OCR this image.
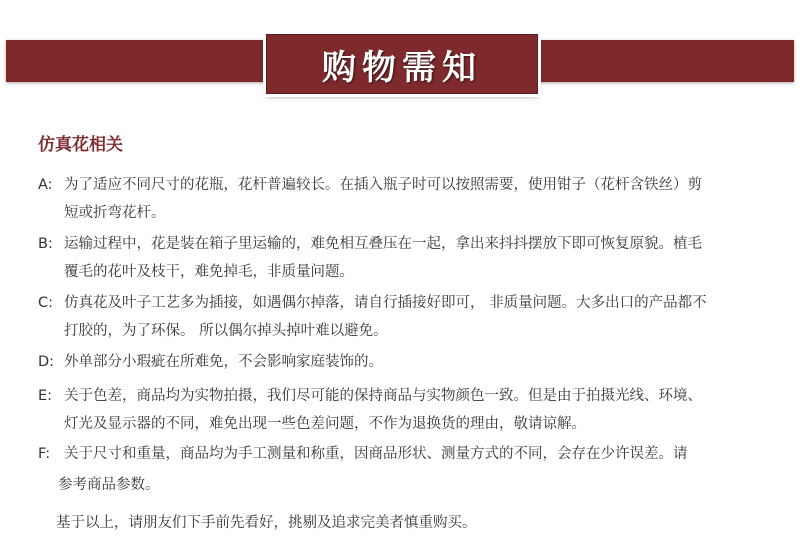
购物需知
仿真花相关
A: 为了适应不同尺寸的花瓶，花杆普遍较长。在插入瓶子时可以按照需要，使用钳子（花杆含铁丝）剪
短或折弯花杆。
B: 运输过程中，花是装在箱子里运输的，难免相互叠压在一起，拿出来抖抖摆放下即可恢复原貌。植毛
覆毛的花叶及枝干，难免掉毛，非质量问题。
C: 仿真花及叶子工艺多为插接，如遇偶尔掉落，请自行插接好即可， 非质量问题。大多出口的产品都不
打胶的，为了环保。 所以偶尔掉头掉叶难以避免。
D: 外单部分小瑕疵在所难免，不会影响家庭装饰的。
E: 关于色差，商品均为实物拍摄，我们尽可能的保持商品与实物颜色一致。但是由于拍摄光线、环境、
灯光及显示器的不同，难免出现一些色差问题，不作为退换货的理由，敬请谅解。
F: 关于尺寸和重量，商品均为手工测量和称重，因商品形状、测量方式的不同，会存在少许误差。请
参考商品参数。
基于以上，请朋友们下手前先看好，挑剔及追求完美者慎重购买。
